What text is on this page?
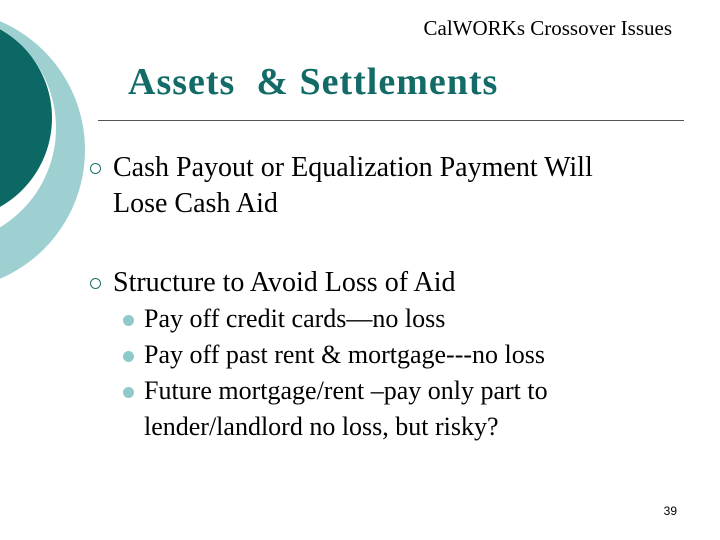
CalWORKs Crossover Issues
Assets  & Settlements
Cash Payout or Equalization Payment Will
Lose Cash Aid
Structure to Avoid Loss of Aid
Pay off credit cards—no loss
Pay off past rent & mortgage---no loss
Future mortgage/rent –pay only part to
lender/landlord no loss, but risky?
39
